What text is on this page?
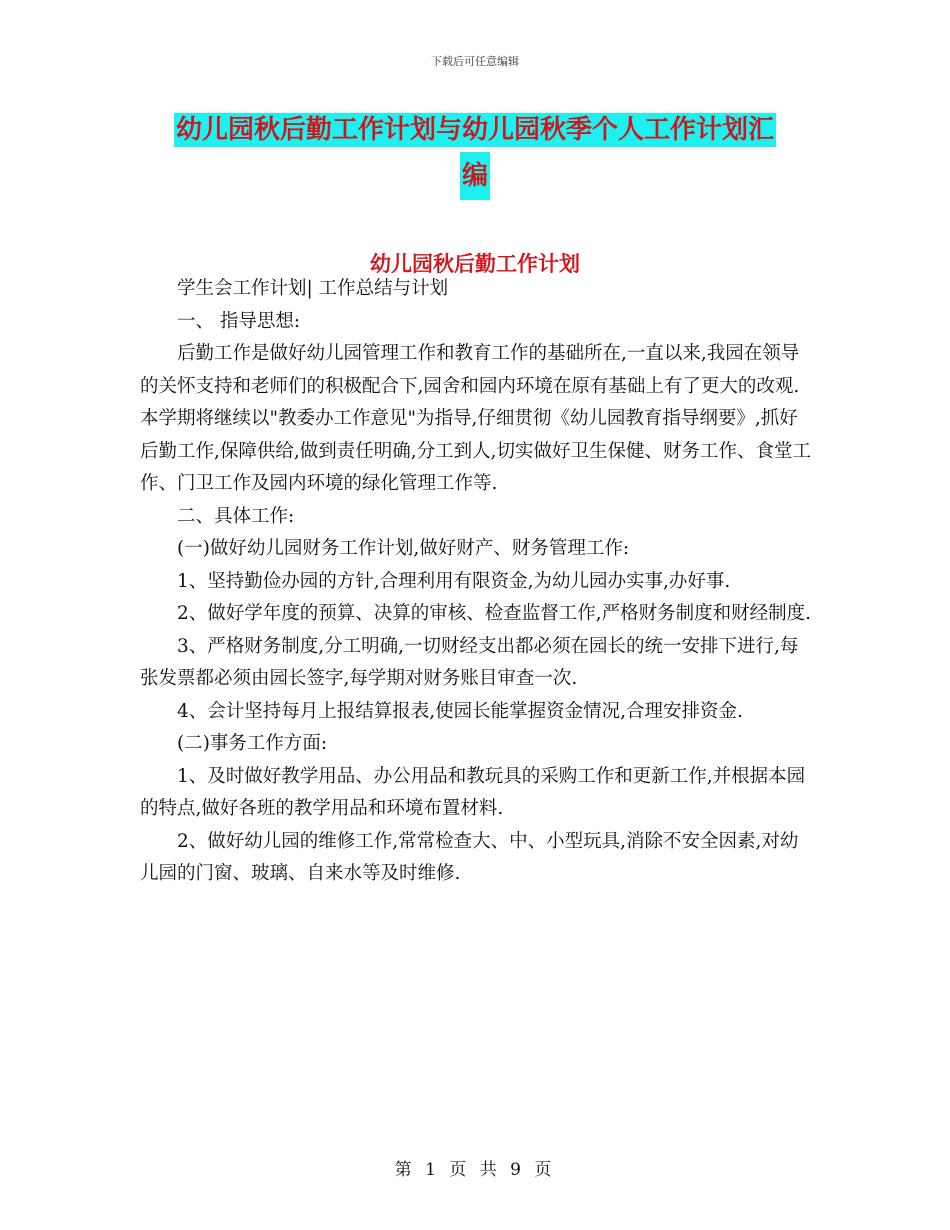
下载后可任意编辑
幼儿园秋后勤工作计划与幼儿园秋季个人工作计划汇
编
幼儿园秋后勤工作计划

学生会工作计划| 工作总结与计划

一、 指导思想:

后勤工作是做好幼儿园管理工作和教育工作的基础所在,一直以来,我园在领导的关怀支持和老师们的积极配合下,园舍和园内环境在原有基础上有了更大的改观.本学期将继续以"教委办工作意见"为指导,仔细贯彻《幼儿园教育指导纲要》,抓好后勤工作,保障供给,做到责任明确,分工到人,切实做好卫生保健、财务工作、食堂工作、门卫工作及园内环境的绿化管理工作等.

二、具体工作:

(一)做好幼儿园财务工作计划,做好财产、财务管理工作:

1、坚持勤俭办园的方针,合理利用有限资金,为幼儿园办实事,办好事.

2、做好学年度的预算、决算的审核、检查监督工作,严格财务制度和财经制度.

3、严格财务制度,分工明确,一切财经支出都必须在园长的统一安排下进行,每张发票都必须由园长签字,每学期对财务账目审查一次.

4、会计坚持每月上报结算报表,使园长能掌握资金情况,合理安排资金.

(二)事务工作方面:

1、及时做好教学用品、办公用品和教玩具的采购工作和更新工作,并根据本园的特点,做好各班的教学用品和环境布置材料.

2、做好幼儿园的维修工作,常常检查大、中、小型玩具,消除不安全因素,对幼儿园的门窗、玻璃、自来水等及时维修.

第 1 页 共 9 页
